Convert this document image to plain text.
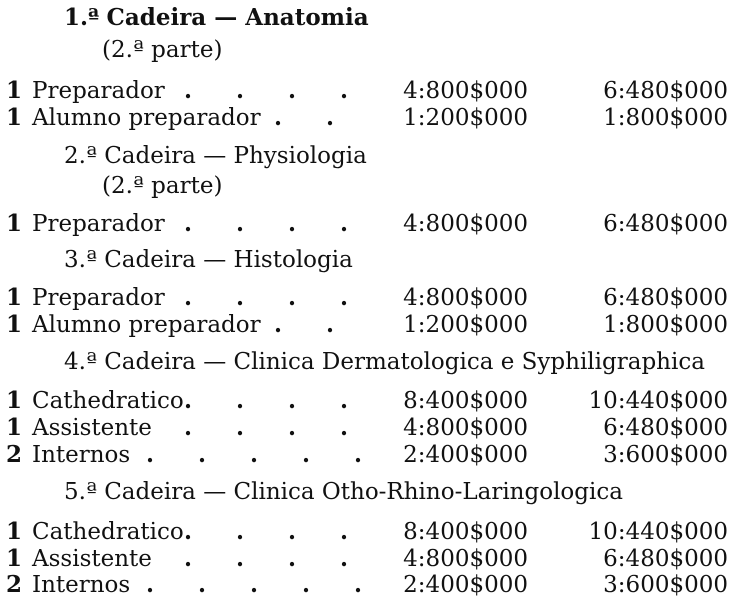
1.ª Cadeira — Anatomia
(2.ª parte)
1 Preparador . . . . 4:800$000	6:480$000
1 Alumno preparador . . 1:200$000	1:800$000
2.ª Cadeira — Physiologia
(2.ª parte)
1 Preparador . . . . 4:800$000	6:480$000
3.ª Cadeira — Histologia
1 Preparador . . . . 4:800$000	6:480$000
1 Alumno preparador . . 1:200$000	1:800$000
4.ª Cadeira — Clinica Dermatologica e Syphiligraphica
1 Cathedratico . . . . 8:400$000	10:440$000
1 Assistente . . . . 4:800$000	6:480$000
2 Internos . . . . . 2:400$000	3:600$000
5.ª Cadeira — Clinica Otho-Rhino-Laringologica
1 Cathedratico . . . . 8:400$000	10:440$000
1 Assistente . . . . 4:800$000	6:480$000
2 Internos . . . . . 2:400$000	3:600$000
